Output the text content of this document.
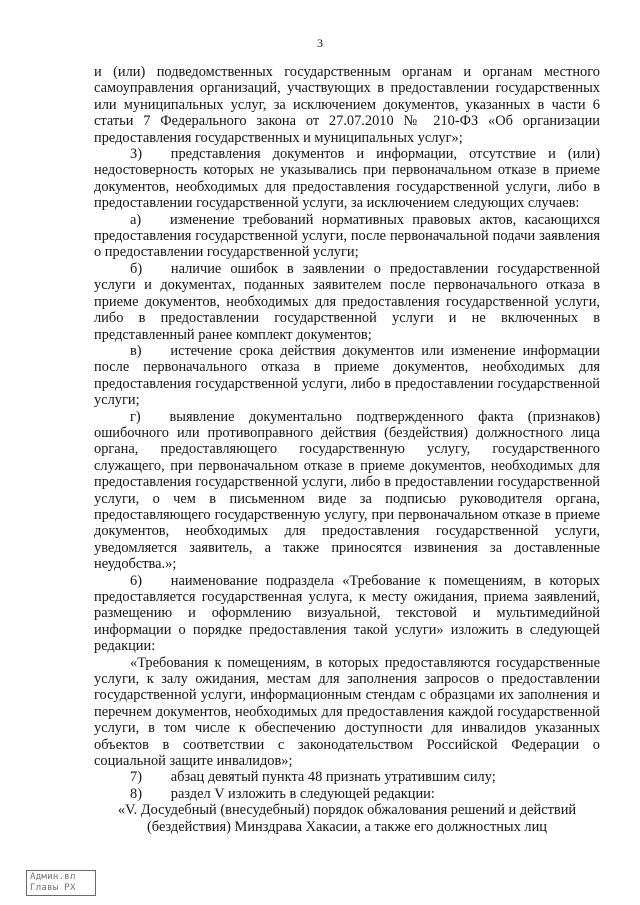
3

и (или) подведомственных государственным органам и органам местного самоуправления организаций, участвующих в предоставлении государственных или муниципальных услуг, за исключением документов, указанных в части 6 статьи 7 Федерального закона от 27.07.2010 № 210-ФЗ «Об организации предоставления государственных и муниципальных услуг»;

3)  представления документов и информации, отсутствие и (или) недостоверность которых не указывались при первоначальном отказе в приеме документов, необходимых для предоставления государственной услуги, либо в предоставлении государственной услуги, за исключением следующих случаев:

а)  изменение требований нормативных правовых актов, касающихся предоставления государственной услуги, после первоначальной подачи заявления о предоставлении государственной услуги;

б)  наличие ошибок в заявлении о предоставлении государственной услуги и документах, поданных заявителем после первоначального отказа в приеме документов, необходимых для предоставления государственной услуги, либо в предоставлении государственной услуги и не включенных в представленный ранее комплект документов;

в)  истечение срока действия документов или изменение информации после первоначального отказа в приеме документов, необходимых для предоставления государственной услуги, либо в предоставлении государственной услуги;

г)  выявление документально подтвержденного факта (признаков) ошибочного или противоправного действия (бездействия) должностного лица органа, предоставляющего государственную услугу, государственного служащего, при первоначальном отказе в приеме документов, необходимых для предоставления государственной услуги, либо в предоставлении государственной услуги, о чем в письменном виде за подписью руководителя органа, предоставляющего государственную услугу, при первоначальном отказе в приеме документов, необходимых для предоставления государственной услуги, уведомляется заявитель, а также приносятся извинения за доставленные неудобства.»;

6)  наименование подраздела «Требование к помещениям, в которых предоставляется государственная услуга, к месту ожидания, приема заявлений, размещению и оформлению визуальной, текстовой и мультимедийной информации о порядке предоставления такой услуги» изложить в следующей редакции:

«Требования к помещениям, в которых предоставляются государственные услуги, к залу ожидания, местам для заполнения запросов о предоставлении государственной услуги, информационным стендам с образцами их заполнения и перечнем документов, необходимых для предоставления каждой государственной услуги, в том числе к обеспечению доступности для инвалидов указанных объектов в соответствии с законодательством Российской Федерации о социальной защите инвалидов»;

7)  абзац девятый пункта 48 признать утратившим силу;

8)  раздел V изложить в следующей редакции:

«V. Досудебный (внесудебный) порядок обжалования решений и действий
(бездействия) Минздрава Хакасии, а также его должностных лиц

Админ.вл
Главы РХ
